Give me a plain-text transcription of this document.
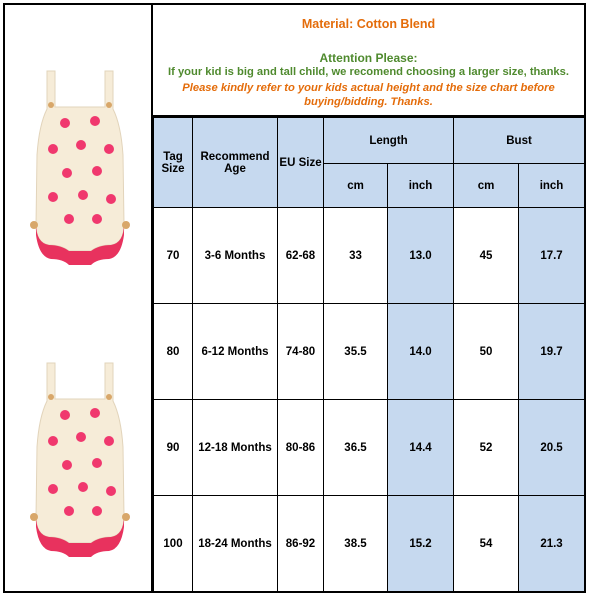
Material: Cotton Blend
Attention Please:
If your kid is big and tall child, we recomend choosing a larger size, thanks.
Please kindly refer to your kids actual height and the size chart before buying/bidding. Thanks.
Tag Size	Recommend Age	EU Size	Length		Bust	
			cm	inch	cm	inch
70	3-6 Months	62-68	33	13.0	45	17.7
80	6-12 Months	74-80	35.5	14.0	50	19.7
90	12-18 Months	80-86	36.5	14.4	52	20.5
100	18-24 Months	86-92	38.5	15.2	54	21.3
